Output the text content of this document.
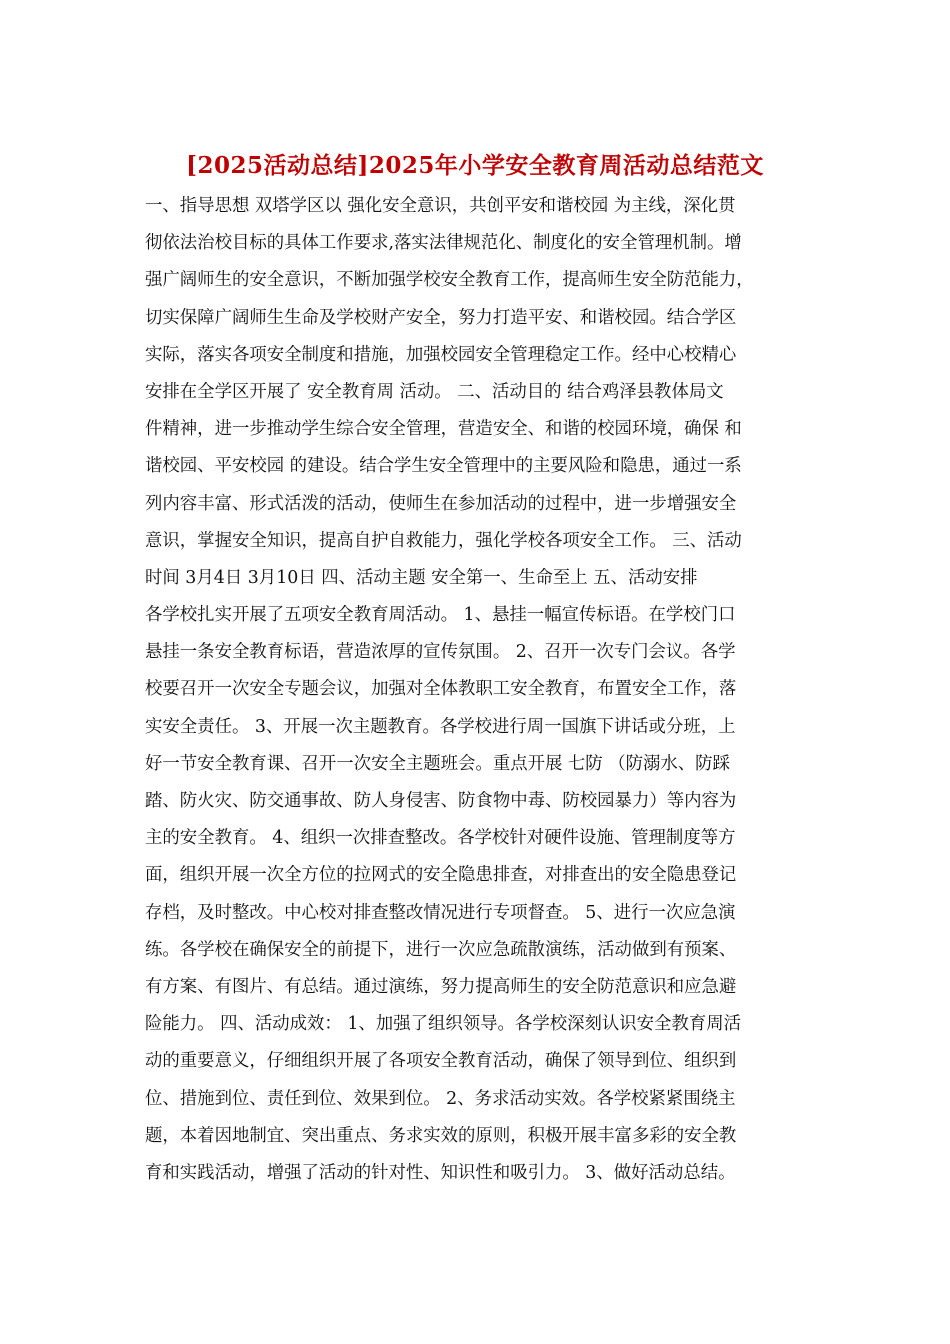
[2025活动总结]2025年小学安全教育周活动总结范文
一、指导思想 双塔学区以 强化安全意识，共创平安和谐校园 为主线，深化贯
彻依法治校目标的具体工作要求,落实法律规范化、制度化的安全管理机制。增
强广阔师生的安全意识，不断加强学校安全教育工作，提高师生安全防范能力，
切实保障广阔师生生命及学校财产安全，努力打造平安、和谐校园。结合学区
实际，落实各项安全制度和措施，加强校园安全管理稳定工作。经中心校精心
安排在全学区开展了 安全教育周 活动。 二、活动目的 结合鸡泽县教体局文
件精神，进一步推动学生综合安全管理，营造安全、和谐的校园环境，确保 和
谐校园、平安校园 的建设。结合学生安全管理中的主要风险和隐患，通过一系
列内容丰富、形式活泼的活动，使师生在参加活动的过程中，进一步增强安全
意识，掌握安全知识，提高自护自救能力，强化学校各项安全工作。 三、活动
时间 3月4日 3月10日 四、活动主题 安全第一、生命至上 五、活动安排
各学校扎实开展了五项安全教育周活动。 1、悬挂一幅宣传标语。在学校门口
悬挂一条安全教育标语，营造浓厚的宣传氛围。 2、召开一次专门会议。各学
校要召开一次安全专题会议，加强对全体教职工安全教育，布置安全工作，落
实安全责任。 3、开展一次主题教育。各学校进行周一国旗下讲话或分班，上
好一节安全教育课、召开一次安全主题班会。重点开展 七防 （防溺水、防踩
踏、防火灾、防交通事故、防人身侵害、防食物中毒、防校园暴力）等内容为
主的安全教育。 4、组织一次排查整改。各学校针对硬件设施、管理制度等方
面，组织开展一次全方位的拉网式的安全隐患排查，对排查出的安全隐患登记
存档，及时整改。中心校对排查整改情况进行专项督查。 5、进行一次应急演
练。各学校在确保安全的前提下，进行一次应急疏散演练，活动做到有预案、
有方案、有图片、有总结。通过演练，努力提高师生的安全防范意识和应急避
险能力。 四、活动成效： 1、加强了组织领导。各学校深刻认识安全教育周活
动的重要意义，仔细组织开展了各项安全教育活动，确保了领导到位、组织到
位、措施到位、责任到位、效果到位。 2、务求活动实效。各学校紧紧围绕主
题，本着因地制宜、突出重点、务求实效的原则，积极开展丰富多彩的安全教
育和实践活动，增强了活动的针对性、知识性和吸引力。 3、做好活动总结。
